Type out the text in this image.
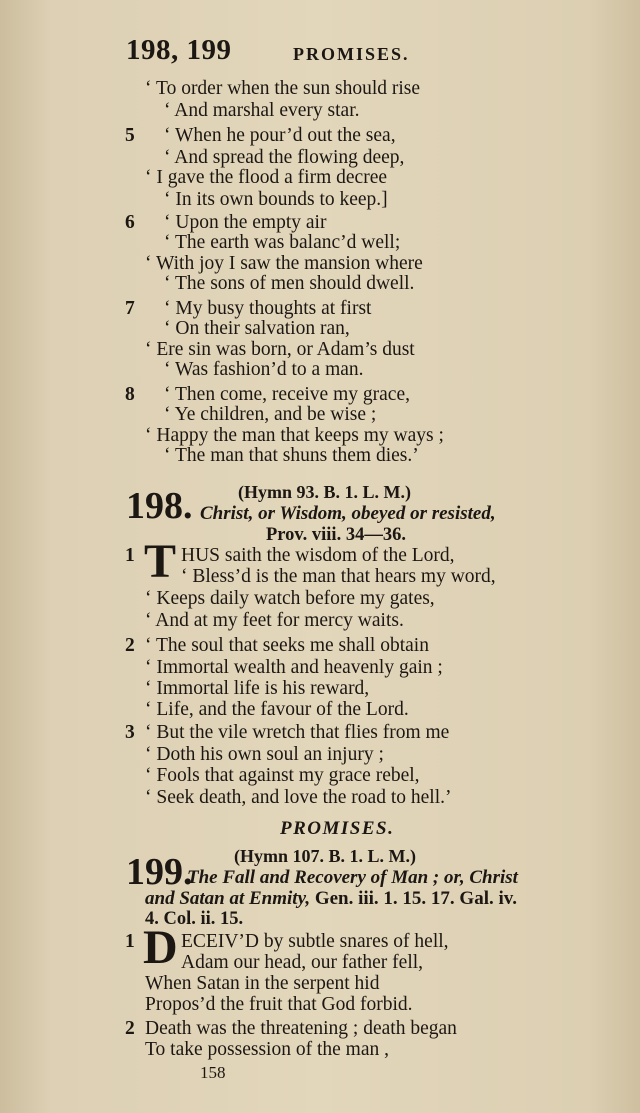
198, 199	PROMISES.
‘ To order when the sun should rise
‘ And marshal every star.
5 ‘ When he pour’d out the sea,
‘ And spread the flowing deep,
‘ I gave the flood a firm decree
‘ In its own bounds to keep.]
6 ‘ Upon the empty air
‘ The earth was balanc’d well;
‘ With joy I saw the mansion where
‘ The sons of men should dwell.
7 ‘ My busy thoughts at first
‘ On their salvation ran,
‘ Ere sin was born, or Adam’s dust
‘ Was fashion’d to a man.
8 ‘ Then come, receive my grace,
‘ Ye children, and be wise ;
‘ Happy the man that keeps my ways ;
‘ The man that shuns them dies.’
198.	(Hymn 93. B. 1. L. M.)
Christ, or Wisdom, obeyed or resisted,
Prov. viii. 34—36.
1 T HUS saith the wisdom of the Lord,
‘ Bless’d is the man that hears my word,
‘ Keeps daily watch before my gates,
‘ And at my feet for mercy waits.
2 ‘ The soul that seeks me shall obtain
‘ Immortal wealth and heavenly gain ;
‘ Immortal life is his reward,
‘ Life, and the favour of the Lord.
3 ‘ But the vile wretch that flies from me
‘ Doth his own soul an injury ;
‘ Fools that against my grace rebel,
‘ Seek death, and love the road to hell.’
PROMISES.
199. (Hymn 107. B. 1. L. M.)
The Fall and Recovery of Man ; or, Christ
and Satan at Enmity, Gen. iii. 1. 15. 17. Gal. iv.
4. Col. ii. 15.
1 D ECEIV’D by subtle snares of hell,
Adam our head, our father fell,
When Satan in the serpent hid
Propos’d the fruit that God forbid.
2 Death was the threatening ; death began
To take possession of the man ,
158
